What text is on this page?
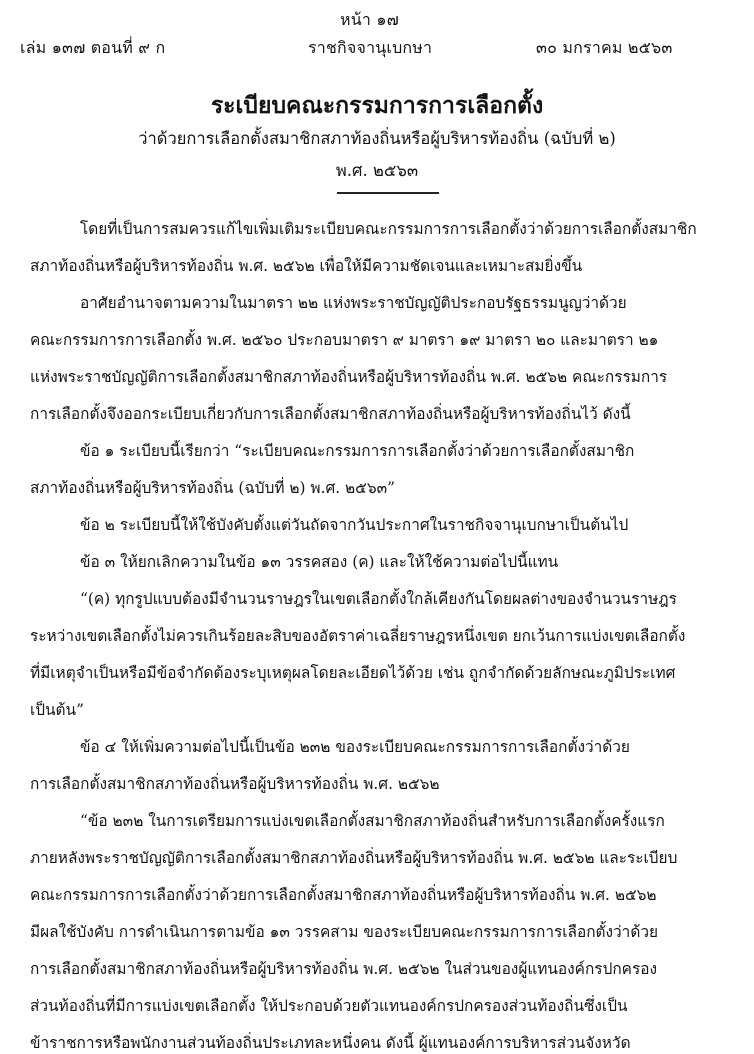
หน้า ๑๗
เล่ม ๑๓๗ ตอนที่ ๙ ก	ราชกิจจานุเบกษา	๓๐ มกราคม ๒๕๖๓
ระเบียบคณะกรรมการการเลือกตั้ง
ว่าด้วยการเลือกตั้งสมาชิกสภาท้องถิ่นหรือผู้บริหารท้องถิ่น (ฉบับที่ ๒)
พ.ศ. ๒๕๖๓
โดยที่เป็นการสมควรแก้ไขเพิ่มเติมระเบียบคณะกรรมการการเลือกตั้งว่าด้วยการเลือกตั้งสมาชิก
สภาท้องถิ่นหรือผู้บริหารท้องถิ่น พ.ศ. ๒๕๖๒ เพื่อให้มีความชัดเจนและเหมาะสมยิ่งขึ้น
อาศัยอำนาจตามความในมาตรา ๒๒ แห่งพระราชบัญญัติประกอบรัฐธรรมนูญว่าด้วย
คณะกรรมการการเลือกตั้ง พ.ศ. ๒๕๖๐ ประกอบมาตรา ๙ มาตรา ๑๙ มาตรา ๒๐ และมาตรา ๒๑
แห่งพระราชบัญญัติการเลือกตั้งสมาชิกสภาท้องถิ่นหรือผู้บริหารท้องถิ่น พ.ศ. ๒๕๖๒ คณะกรรมการ
การเลือกตั้งจึงออกระเบียบเกี่ยวกับการเลือกตั้งสมาชิกสภาท้องถิ่นหรือผู้บริหารท้องถิ่นไว้ ดังนี้
ข้อ ๑ ระเบียบนี้เรียกว่า “ระเบียบคณะกรรมการการเลือกตั้งว่าด้วยการเลือกตั้งสมาชิก
สภาท้องถิ่นหรือผู้บริหารท้องถิ่น (ฉบับที่ ๒) พ.ศ. ๒๕๖๓”
ข้อ ๒ ระเบียบนี้ให้ใช้บังคับตั้งแต่วันถัดจากวันประกาศในราชกิจจานุเบกษาเป็นต้นไป
ข้อ ๓ ให้ยกเลิกความในข้อ ๑๓ วรรคสอง (ค) และให้ใช้ความต่อไปนี้แทน
“(ค) ทุกรูปแบบต้องมีจำนวนราษฎรในเขตเลือกตั้งใกล้เคียงกันโดยผลต่างของจำนวนราษฎร
ระหว่างเขตเลือกตั้งไม่ควรเกินร้อยละสิบของอัตราค่าเฉลี่ยราษฎรหนึ่งเขต ยกเว้นการแบ่งเขตเลือกตั้ง
ที่มีเหตุจำเป็นหรือมีข้อจำกัดต้องระบุเหตุผลโดยละเอียดไว้ด้วย เช่น ถูกจำกัดด้วยลักษณะภูมิประเทศ
เป็นต้น”
ข้อ ๔ ให้เพิ่มความต่อไปนี้เป็นข้อ ๒๓๒ ของระเบียบคณะกรรมการการเลือกตั้งว่าด้วย
การเลือกตั้งสมาชิกสภาท้องถิ่นหรือผู้บริหารท้องถิ่น พ.ศ. ๒๕๖๒
“ข้อ ๒๓๒ ในการเตรียมการแบ่งเขตเลือกตั้งสมาชิกสภาท้องถิ่นสำหรับการเลือกตั้งครั้งแรก
ภายหลังพระราชบัญญัติการเลือกตั้งสมาชิกสภาท้องถิ่นหรือผู้บริหารท้องถิ่น พ.ศ. ๒๕๖๒ และระเบียบ
คณะกรรมการการเลือกตั้งว่าด้วยการเลือกตั้งสมาชิกสภาท้องถิ่นหรือผู้บริหารท้องถิ่น พ.ศ. ๒๕๖๒
มีผลใช้บังคับ การดำเนินการตามข้อ ๑๓ วรรคสาม ของระเบียบคณะกรรมการการเลือกตั้งว่าด้วย
การเลือกตั้งสมาชิกสภาท้องถิ่นหรือผู้บริหารท้องถิ่น พ.ศ. ๒๕๖๒ ในส่วนของผู้แทนองค์กรปกครอง
ส่วนท้องถิ่นที่มีการแบ่งเขตเลือกตั้ง ให้ประกอบด้วยตัวแทนองค์กรปกครองส่วนท้องถิ่นซึ่งเป็น
ข้าราชการหรือพนักงานส่วนท้องถิ่นประเภทละหนึ่งคน ดังนี้ ผู้แทนองค์การบริหารส่วนจังหวัด
